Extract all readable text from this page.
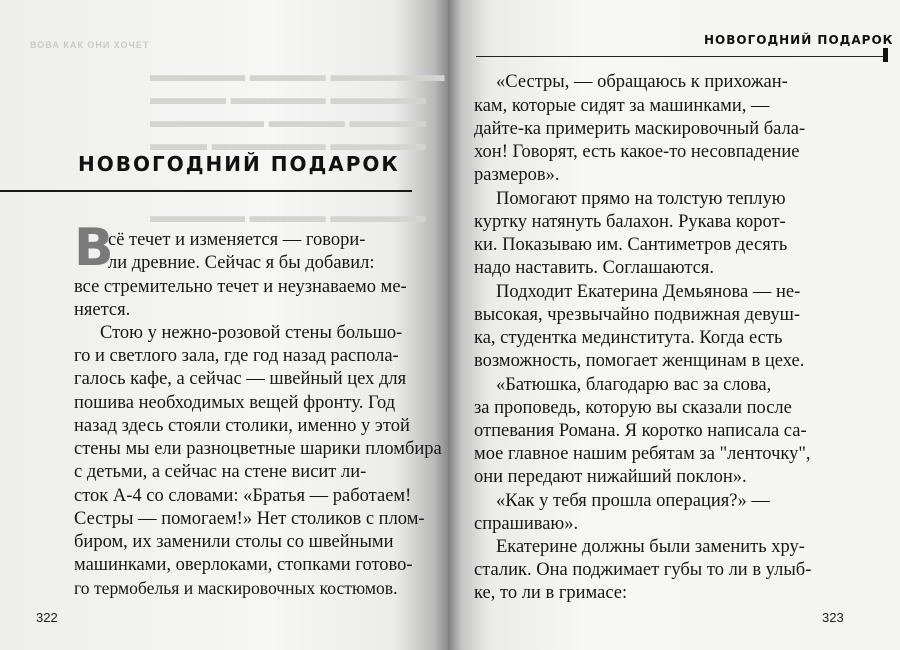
ВОВА КАК ОНИ ХОЧЕТ
▬▬▬▬▬ ▬▬▬▬ ▬▬▬▬▬▬
▬▬▬▬ ▬▬▬▬▬ ▬▬▬▬▬
▬▬▬▬▬▬ ▬▬▬▬ ▬▬▬▬
▬▬▬ ▬▬▬▬▬▬ ▬▬▬▬▬
▬▬▬▬▬ ▬▬▬▬ ▬▬▬▬▬
НОВОГОДНИЙ ПОДАРОК
В
сё течет и изменяется — говори-
ли древние. Сейчас я бы добавил:
все стремительно течет и неузнаваемо ме-
няется.
Стою у нежно-розовой стены большо-
го и светлого зала, где год назад распола-
галось кафе, а сейчас — швейный цех для
пошива необходимых вещей фронту. Год
назад здесь стояли столики, именно у этой
стены мы ели разноцветные шарики пломбира
с детьми, а сейчас на стене висит ли-
сток А-4 со словами: «Братья — работаем!
Сестры — помогаем!» Нет столиков с плом-
биром, их заменили столы со швейными
машинками, оверлоками, стопками готово-
го термобелья и маскировочных костюмов.
322
НОВОГОДНИЙ ПОДАРОК
«Сестры, — обращаюсь к прихожан-
кам, которые сидят за машинками, —
дайте-ка примерить маскировочный бала-
хон! Говорят, есть какое-то несовпадение
размеров».
Помогают прямо на толстую теплую
куртку натянуть балахон. Рукава корот-
ки. Показываю им. Сантиметров десять
надо наставить. Соглашаются.
Подходит Екатерина Демьянова — не-
высокая, чрезвычайно подвижная девуш-
ка, студентка мединститута. Когда есть
возможность, помогает женщинам в цехе.
«Батюшка, благодарю вас за слова,
за проповедь, которую вы сказали после
отпевания Романа. Я коротко написала са-
мое главное нашим ребятам за "ленточку",
они передают нижайший поклон».
«Как у тебя прошла операция?» —
спрашиваю».
Екатерине должны были заменить хру-
сталик. Она поджимает губы то ли в улыб-
ке, то ли в гримасе:
323
